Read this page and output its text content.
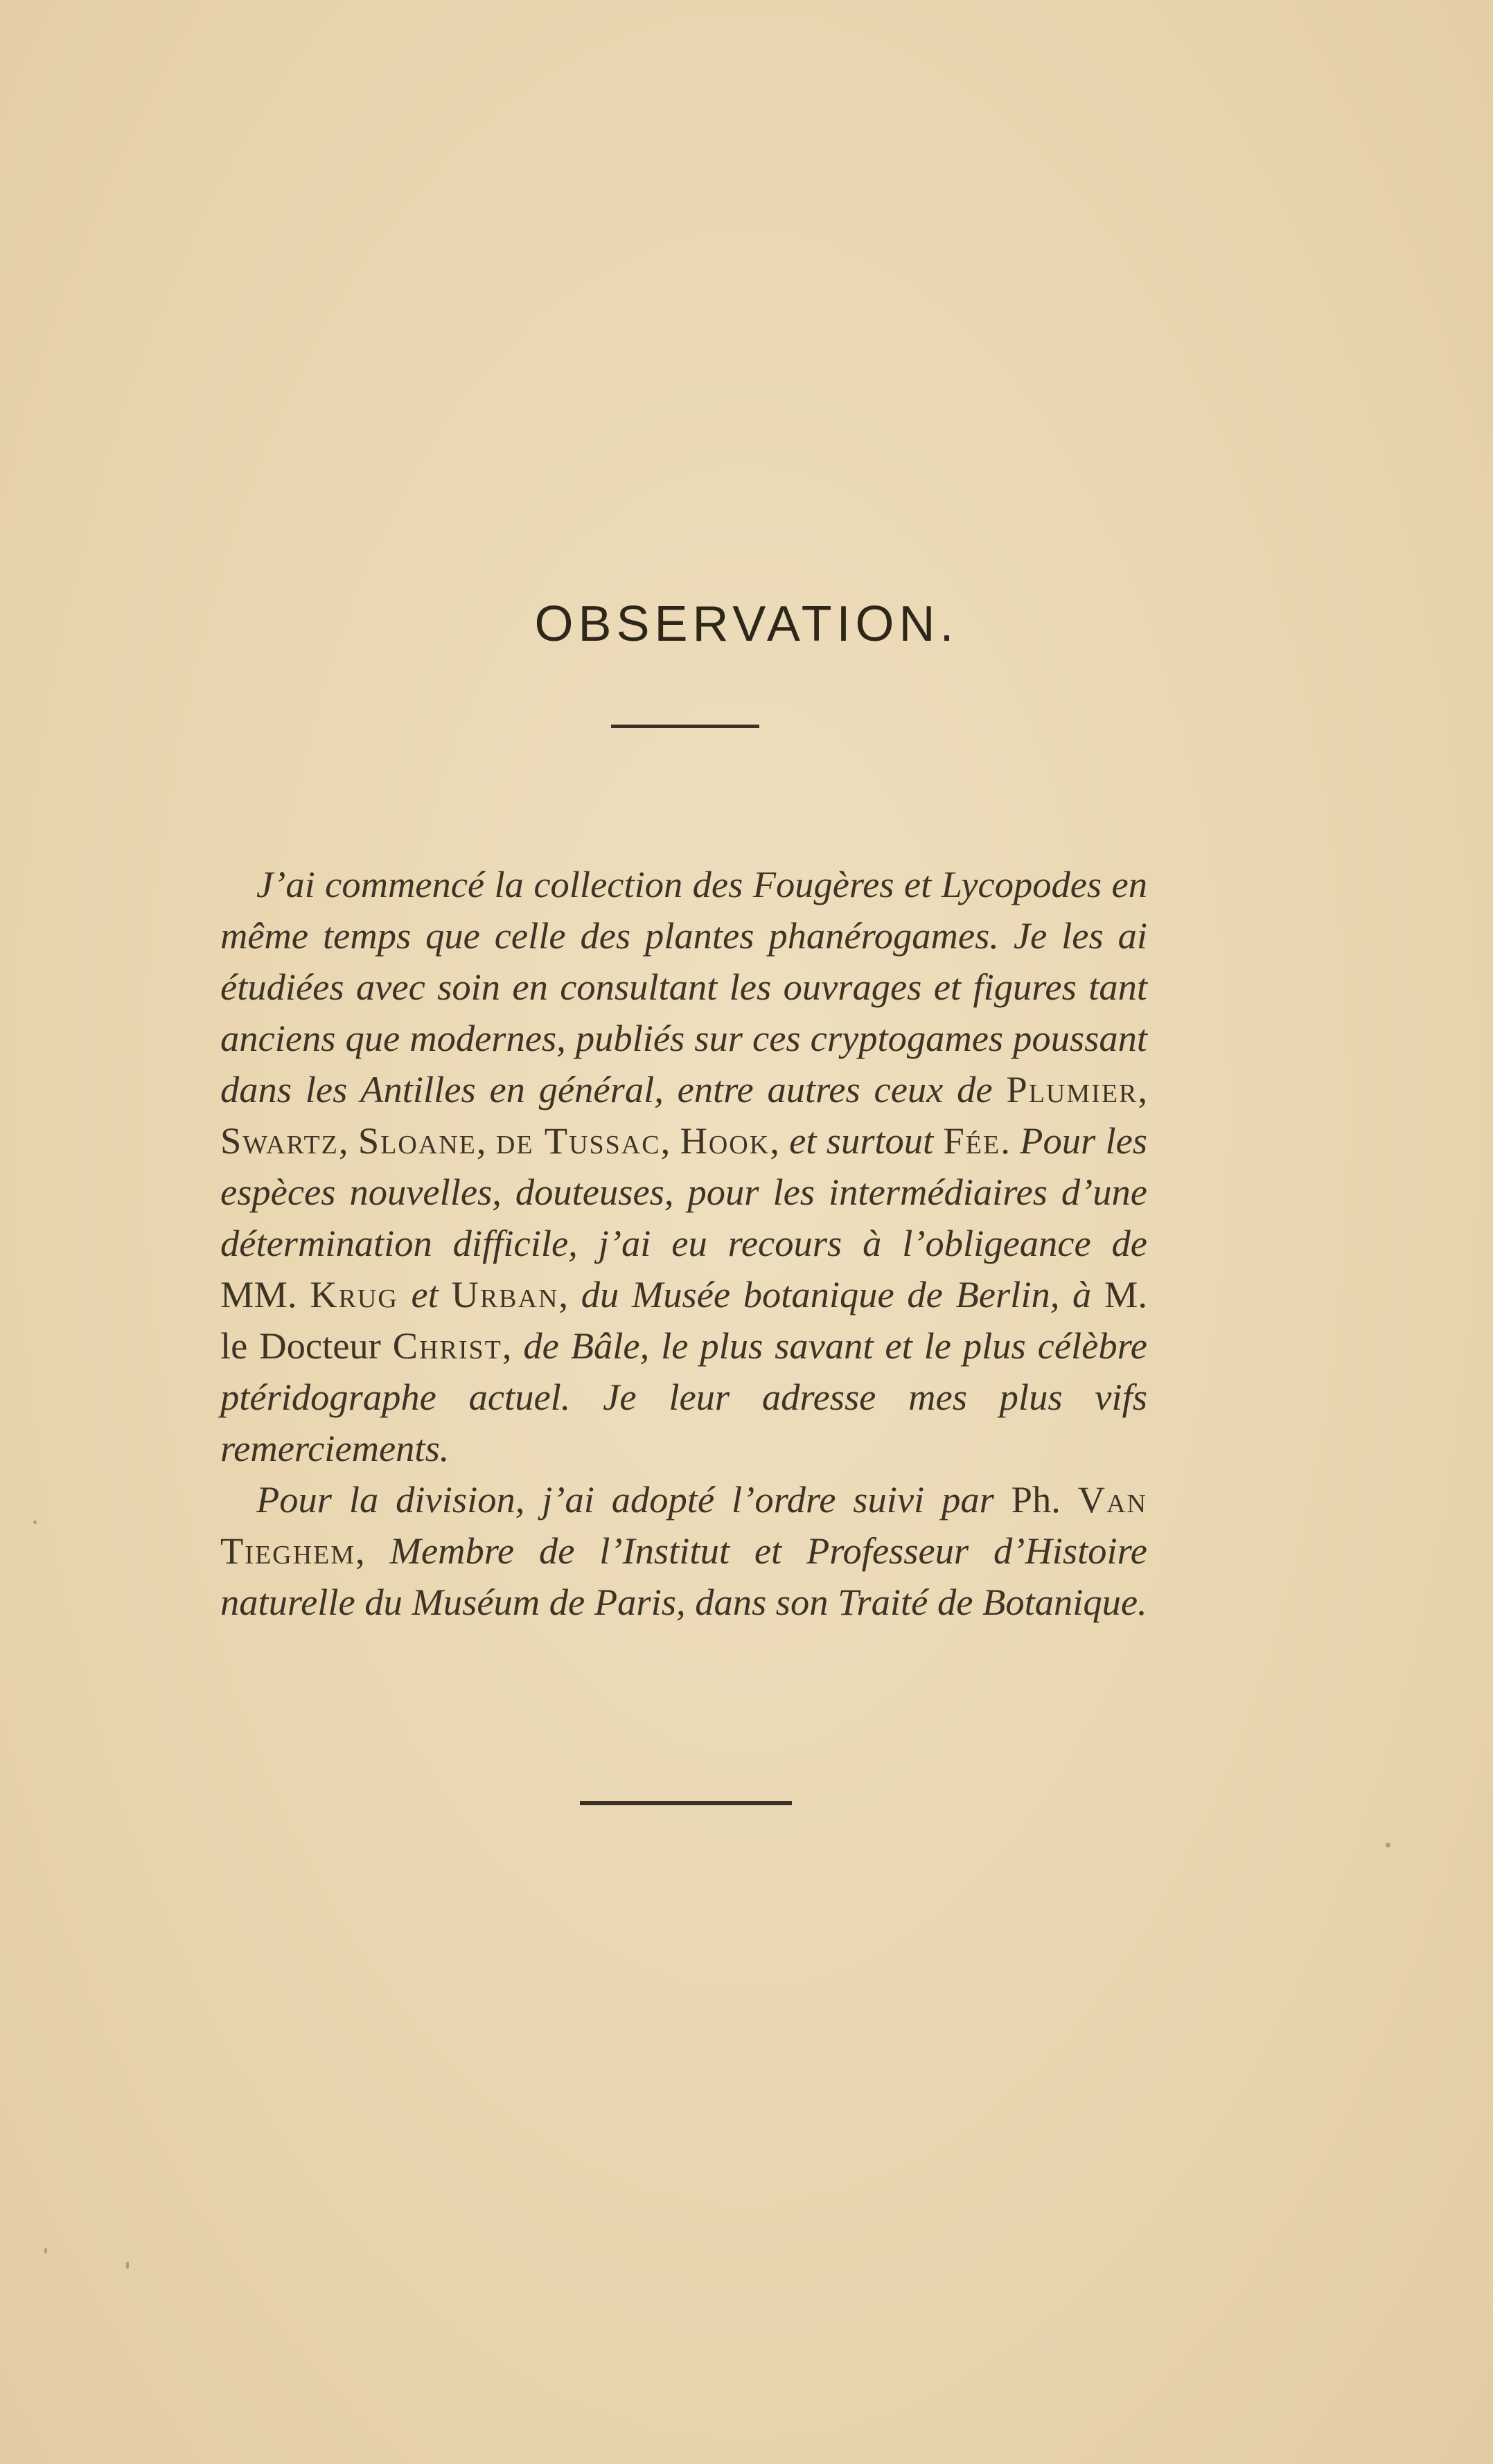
OBSERVATION.

J’ai commencé la collection des Fougères et Lycopodes en même temps que celle des plantes phanérogames. Je les ai étudiées avec soin en consultant les ouvrages et figures tant anciens que modernes, publiés sur ces cryptogames poussant dans les Antilles en général, entre autres ceux de Plumier, Swartz, Sloane, de Tussac, Hook, et surtout Fée. Pour les espèces nouvelles, douteuses, pour les intermédiaires d’une détermination difficile, j’ai eu recours à l’obligeance de MM. Krug et Urban, du Musée botanique de Berlin, à M. le Docteur Christ, de Bâle, le plus savant et le plus célèbre ptéridographe actuel. Je leur adresse mes plus vifs remerciements.

Pour la division, j’ai adopté l’ordre suivi par Ph. Van Tieghem, Membre de l’Institut et Professeur d’Histoire naturelle du Muséum de Paris, dans son Traité de Botanique.
